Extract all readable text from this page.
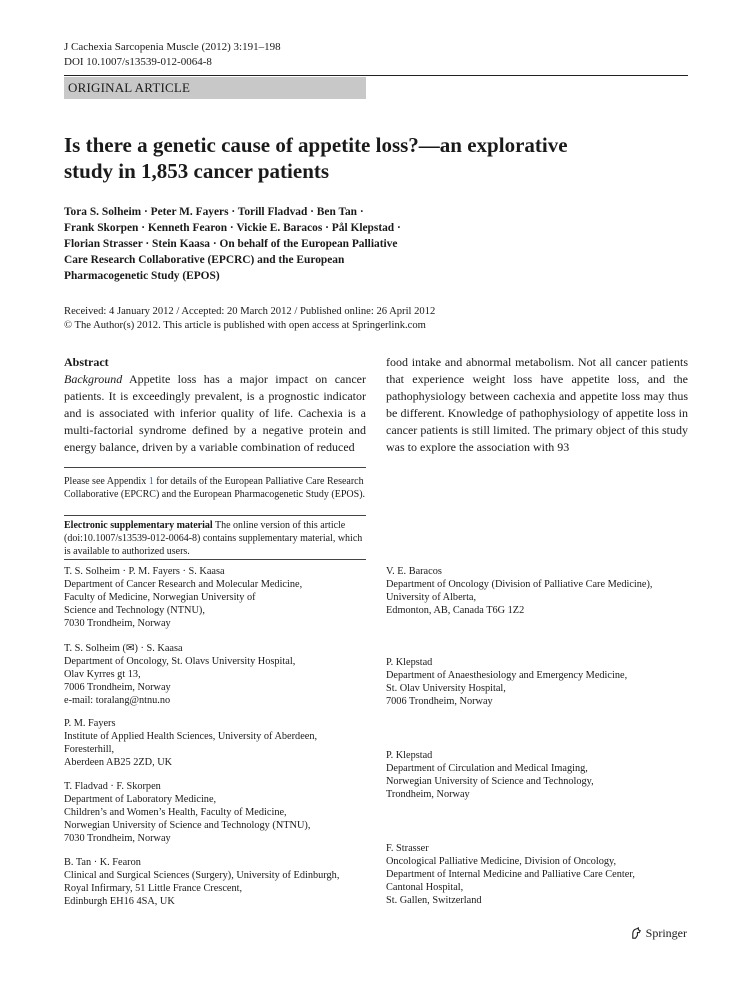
J Cachexia Sarcopenia Muscle (2012) 3:191–198
DOI 10.1007/s13539-012-0064-8
ORIGINAL ARTICLE
Is there a genetic cause of appetite loss?—an explorative
study in 1,853 cancer patients
Tora S. Solheim · Peter M. Fayers · Torill Fladvad · Ben Tan ·
Frank Skorpen · Kenneth Fearon · Vickie E. Baracos · Pål Klepstad ·
Florian Strasser · Stein Kaasa · On behalf of the European Palliative
Care Research Collaborative (EPCRC) and the European
Pharmacogenetic Study (EPOS)
Received: 4 January 2012 / Accepted: 20 March 2012 / Published online: 26 April 2012
© The Author(s) 2012. This article is published with open access at Springerlink.com
Abstract
Background Appetite loss has a major impact on cancer patients. It is exceedingly prevalent, is a prognostic indicator and is associated with inferior quality of life. Cachexia is a multi-factorial syndrome defined by a negative protein and energy balance, driven by a variable combination of reduced
food intake and abnormal metabolism. Not all cancer patients that experience weight loss have appetite loss, and the pathophysiology between cachexia and appetite loss may thus be different. Knowledge of pathophysiology of appetite loss in cancer patients is still limited. The primary object of this study was to explore the association with 93
Please see Appendix 1 for details of the European Palliative Care Research Collaborative (EPCRC) and the European Pharmacogenetic Study (EPOS).
Electronic supplementary material The online version of this article (doi:10.1007/s13539-012-0064-8) contains supplementary material, which is available to authorized users.
T. S. Solheim · P. M. Fayers · S. Kaasa
Department of Cancer Research and Molecular Medicine,
Faculty of Medicine, Norwegian University of
Science and Technology (NTNU),
7030 Trondheim, Norway
T. S. Solheim (✉) · S. Kaasa
Department of Oncology, St. Olavs University Hospital,
Olav Kyrres gt 13,
7006 Trondheim, Norway
e-mail: toralang@ntnu.no
P. M. Fayers
Institute of Applied Health Sciences, University of Aberdeen,
Foresterhill,
Aberdeen AB25 2ZD, UK
T. Fladvad · F. Skorpen
Department of Laboratory Medicine,
Children’s and Women’s Health, Faculty of Medicine,
Norwegian University of Science and Technology (NTNU),
7030 Trondheim, Norway
B. Tan · K. Fearon
Clinical and Surgical Sciences (Surgery), University of Edinburgh,
Royal Infirmary, 51 Little France Crescent,
Edinburgh EH16 4SA, UK
V. E. Baracos
Department of Oncology (Division of Palliative Care Medicine),
University of Alberta,
Edmonton, AB, Canada T6G 1Z2
P. Klepstad
Department of Anaesthesiology and Emergency Medicine,
St. Olav University Hospital,
7006 Trondheim, Norway
P. Klepstad
Department of Circulation and Medical Imaging,
Norwegian University of Science and Technology,
Trondheim, Norway
F. Strasser
Oncological Palliative Medicine, Division of Oncology,
Department of Internal Medicine and Palliative Care Center,
Cantonal Hospital,
St. Gallen, Switzerland
Springer
